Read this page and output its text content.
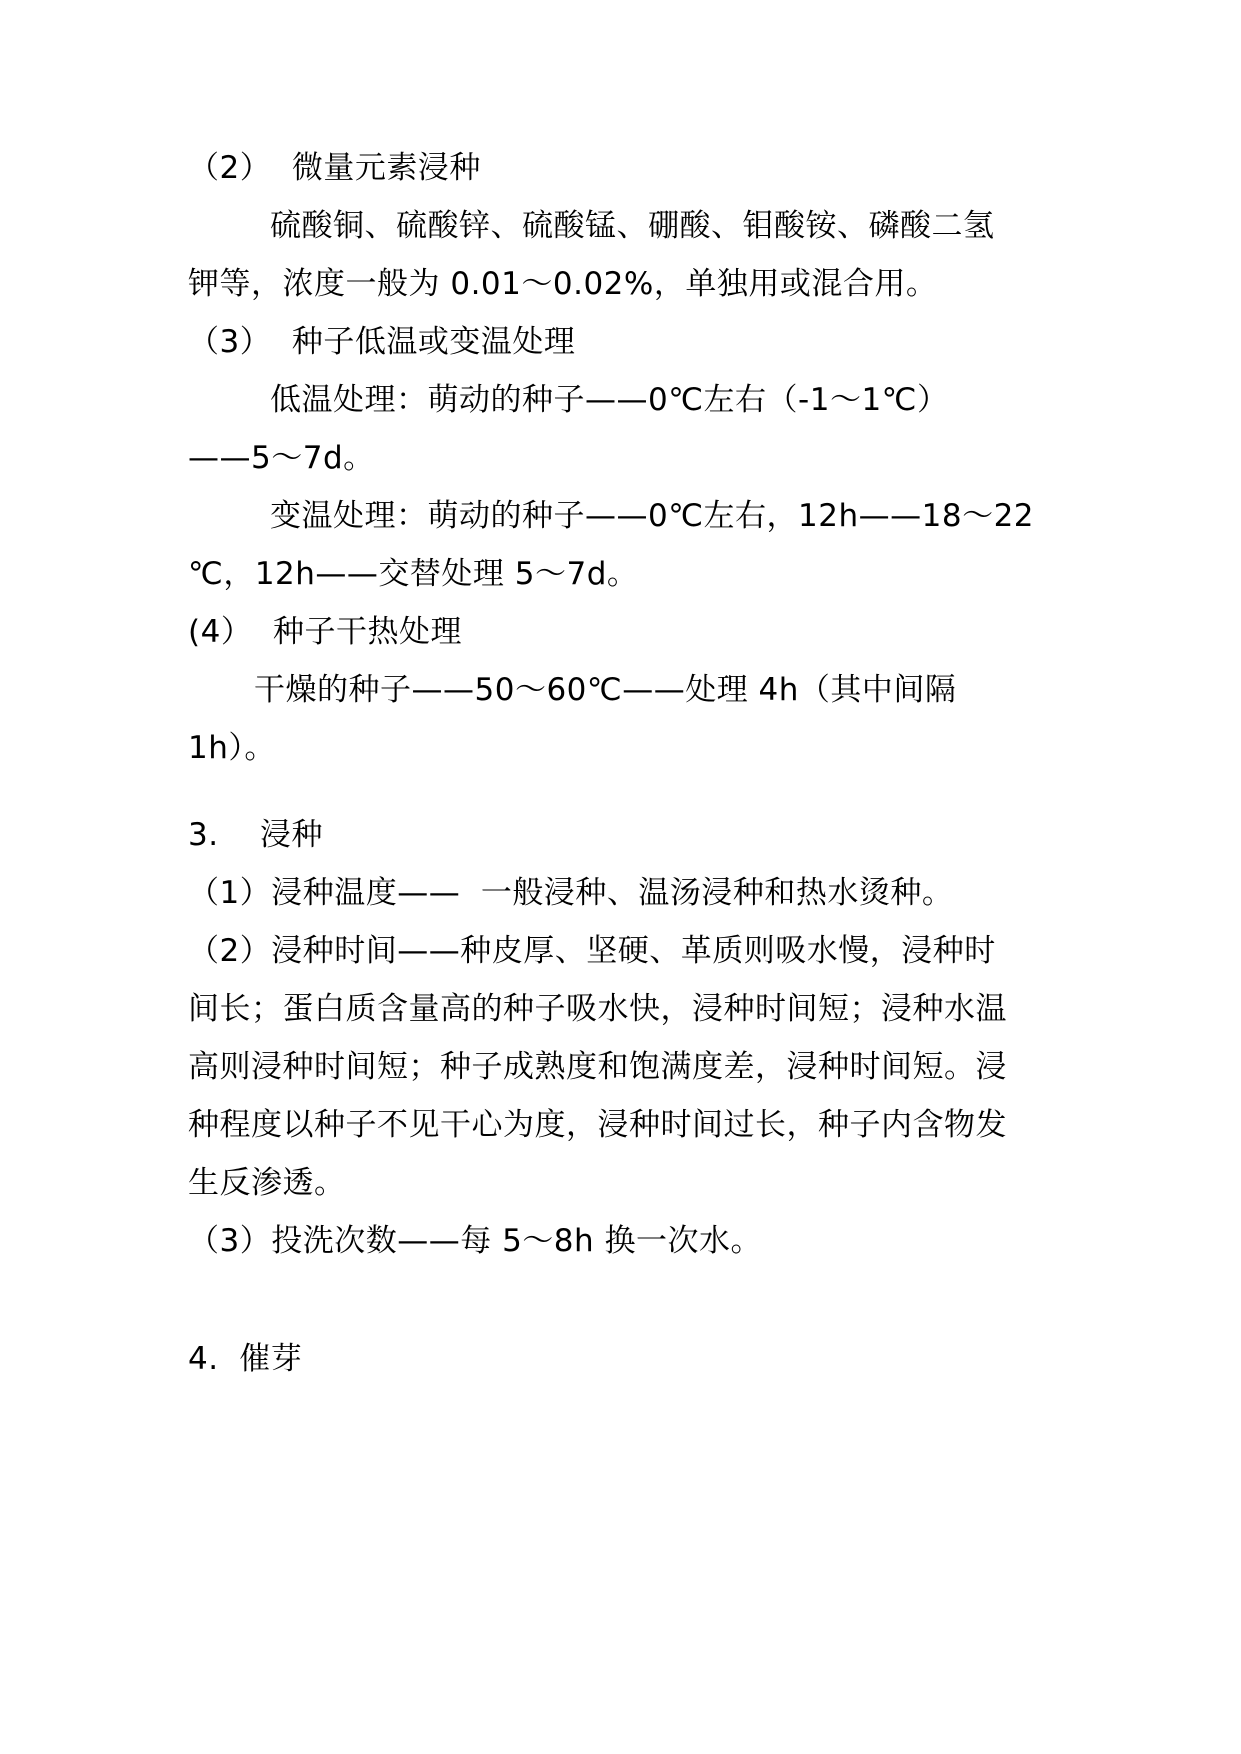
（2）  微量元素浸种
硫酸铜、硫酸锌、硫酸锰、硼酸、钼酸铵、磷酸二氢
钾等，浓度一般为 0.01～0.02%，单独用或混合用。
（3）  种子低温或变温处理
低温处理：萌动的种子——0℃左右（-1～1℃）
——5～7d。
变温处理：萌动的种子——0℃左右，12h——18～22
℃，12h——交替处理 5～7d。
(4）  种子干热处理
干燥的种子——50～60℃——处理 4h（其中间隔
1h）。
3.    浸种
（1）浸种温度——  一般浸种、温汤浸种和热水烫种。
（2）浸种时间——种皮厚、坚硬、革质则吸水慢，浸种时
间长；蛋白质含量高的种子吸水快，浸种时间短；浸种水温
高则浸种时间短；种子成熟度和饱满度差，浸种时间短。浸
种程度以种子不见干心为度，浸种时间过长，种子内含物发
生反渗透。
（3）投洗次数——每 5～8h 换一次水。
4.  催芽
